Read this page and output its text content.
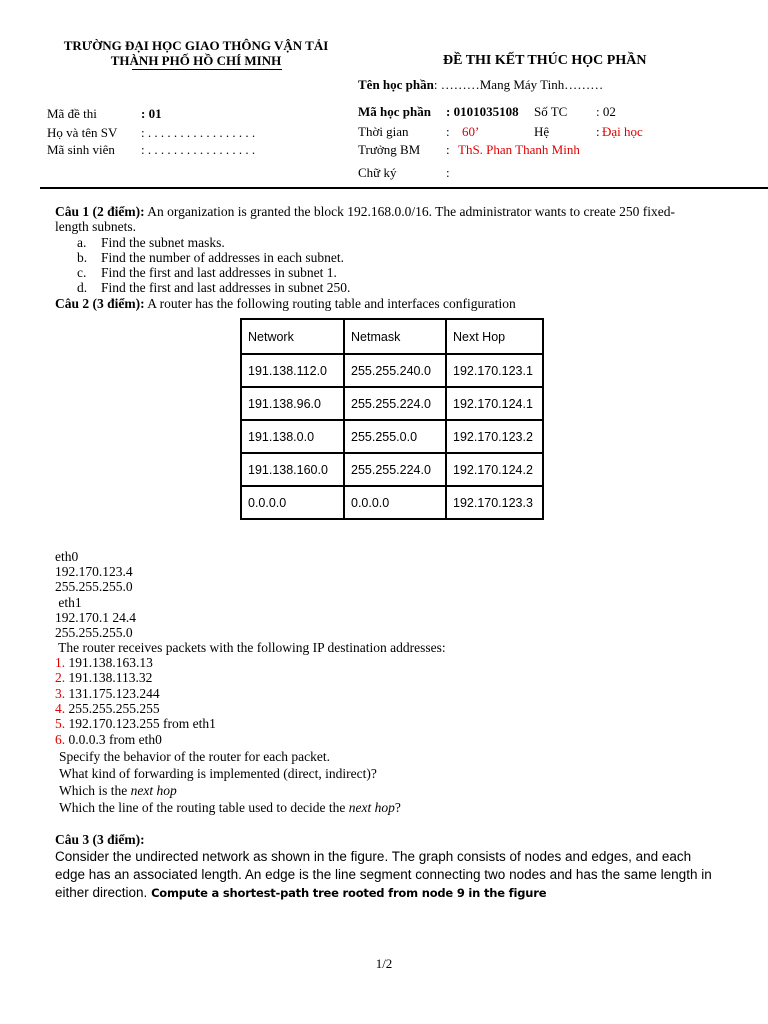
TRƯỜNG ĐẠI HỌC GIAO THÔNG VẬN TẢI
THÀNH PHỐ HỒ CHÍ MINH	ĐỀ THI KẾT THÚC HỌC PHẦN
Tên học phần: ………Mang Máy Tinh………
Mã đề thi	: 01	Mã học phần : 0101035108 Số TC : 02
Họ và tên SV : . . . . . . . . . . . . . . . . .
Mã sinh viên : . . . . . . . . . . . . . . . . .
Thời gian	: 60’	Hệ	: Đại học
Trưởng BM : ThS. Phan Thanh Minh
Chữ ký	:
Câu 1 (2 điểm): An organization is granted the block 192.168.0.0/16. The administrator wants to create 250 fixed-
length subnets.
a. Find the subnet masks.
b. Find the number of addresses in each subnet.
c. Find the first and last addresses in subnet 1.
d. Find the first and last addresses in subnet 250.
Câu 2 (3 điểm): A router has the following routing table and interfaces configuration
Network	Netmask	Next Hop
191.138.112.0	255.255.240.0	192.170.123.1
191.138.96.0	255.255.224.0	192.170.124.1
191.138.0.0	255.255.0.0	192.170.123.2
191.138.160.0	255.255.224.0	192.170.124.2
0.0.0.0	0.0.0.0	192.170.123.3
eth0
192.170.123.4
255.255.255.0
eth1
192.170.1 24.4
255.255.255.0
The router receives packets with the following IP destination addresses:
1. 191.138.163.13
2. 191.138.113.32
3. 131.175.123.244
4. 255.255.255.255
5. 192.170.123.255 from eth1
6. 0.0.0.3 from eth0
Specify the behavior of the router for each packet.
What kind of forwarding is implemented (direct, indirect)?
Which is the next hop
Which the line of the routing table used to decide the next hop?
Câu 3 (3 điểm):
Consider the undirected network as shown in the figure. The graph consists of nodes and edges, and each
edge has an associated length. An edge is the line segment connecting two nodes and has the same length in
either direction. Compute a shortest-path tree rooted from node 9 in the figure
1/2
